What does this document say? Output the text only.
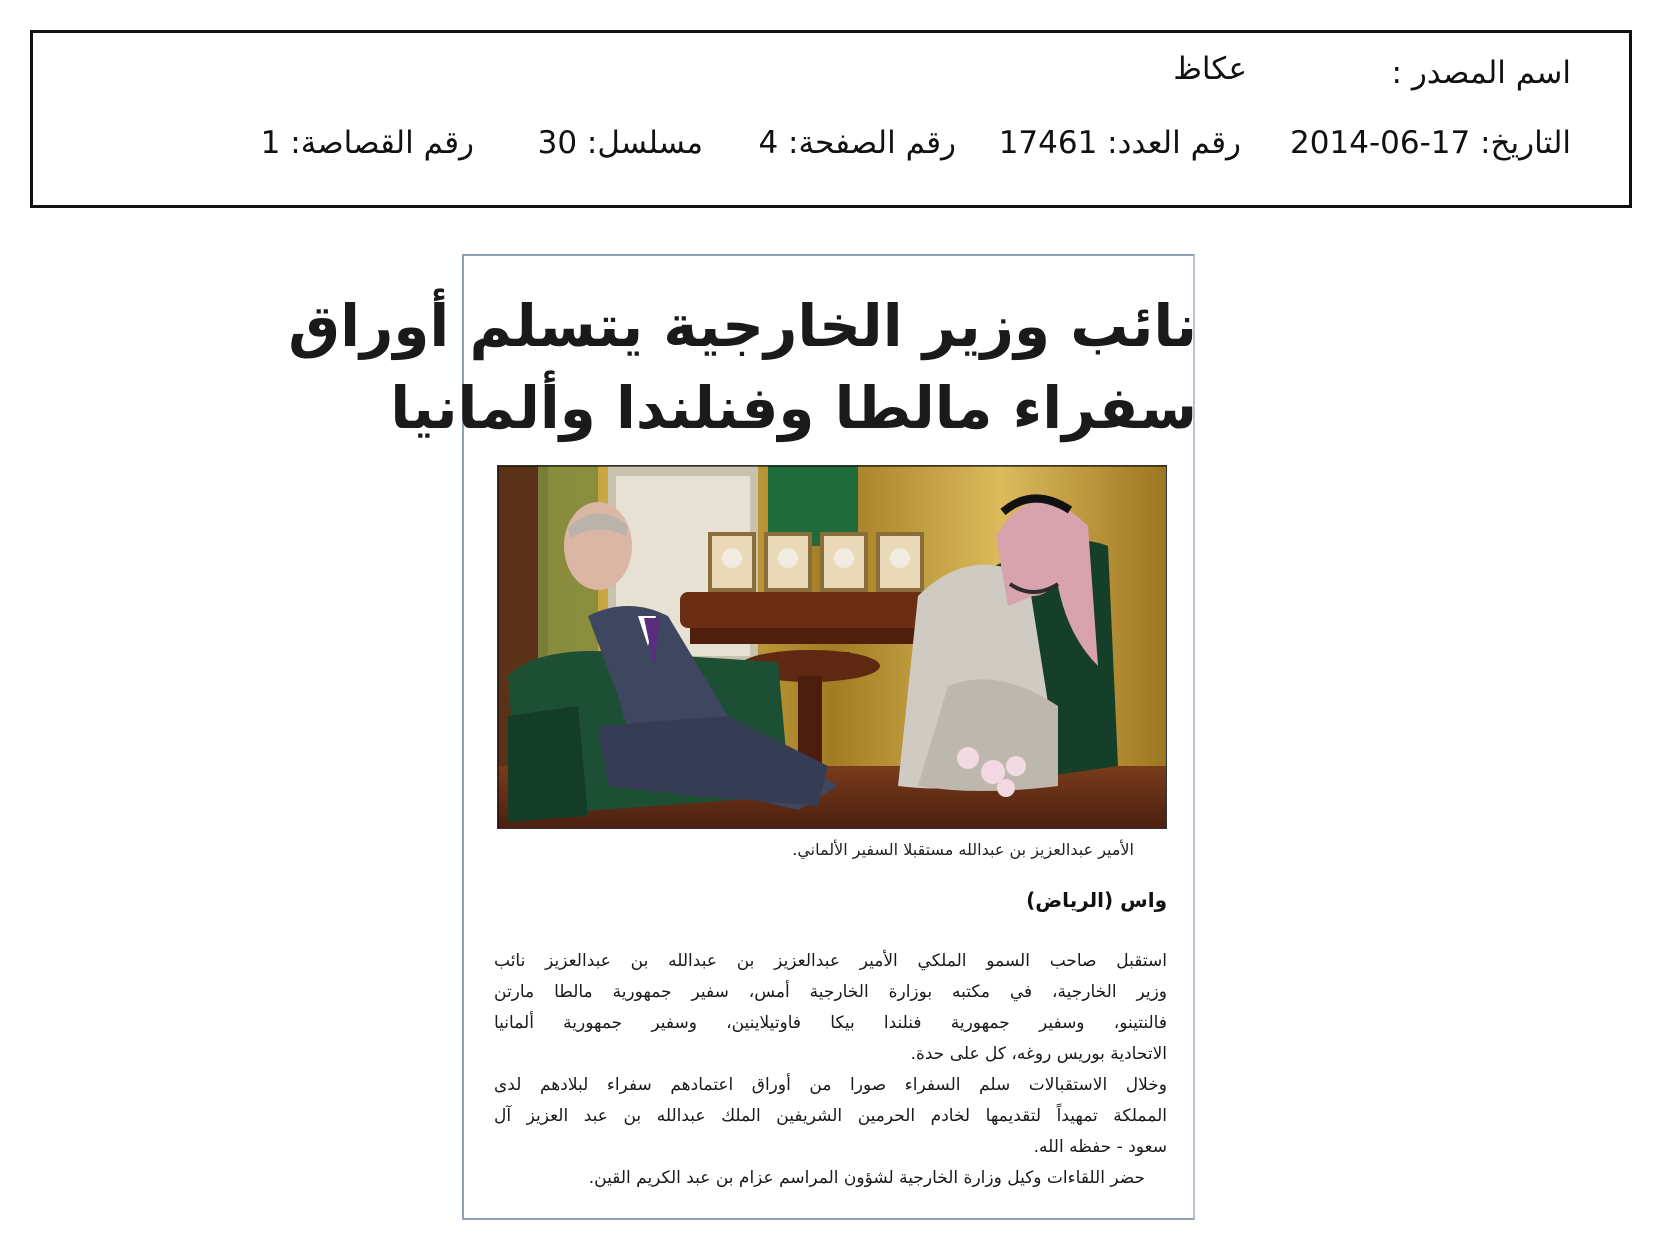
اسم المصدر :
عكاظ
التاريخ: 17-06-2014
رقم العدد: 17461
رقم الصفحة: 4
مسلسل: 30
رقم القصاصة: 1
نائب وزير الخارجية يتسلم أوراق
سفراء مالطا وفنلندا وألمانيا
الأمير عبدالعزيز بن عبدالله مستقبلا السفير الألماني.
واس (الرياض)
استقبل صاحب السمو الملكي الأمير عبدالعزيز بن عبدالله بن عبدالعزيز نائب
وزير الخارجية، في مكتبه بوزارة الخارجية أمس، سفير جمهورية مالطا مارتن
فالنتينو، وسفير جمهورية فنلندا بيكا فاوتيلاينين، وسفير جمهورية ألمانيا
الاتحادية بوريس روغه، كل على حدة.
وخلال الاستقبالات سلم السفراء صورا من أوراق اعتمادهم سفراء لبلادهم لدى
المملكة تمهيداً لتقديمها لخادم الحرمين الشريفين الملك عبدالله بن عبد العزيز آل
سعود - حفظه الله.
حضر اللقاءات وكيل وزارة الخارجية لشؤون المراسم عزام بن عبد الكريم القين.
